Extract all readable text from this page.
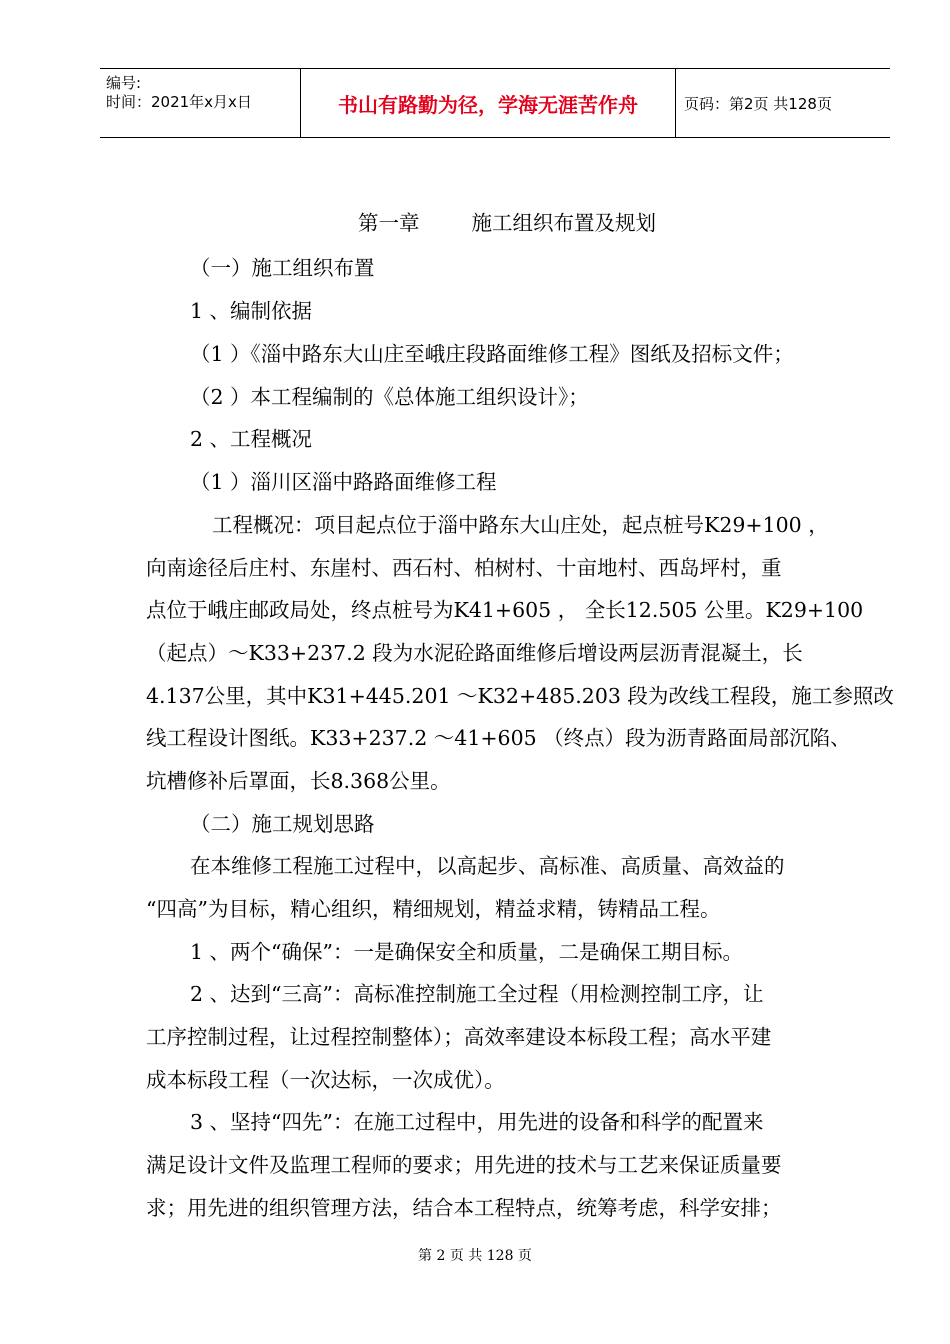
编号:
时间：2021年x月x日	书山有路勤为径，学海无涯苦作舟	页码：第2页 共128页
第一章	施工组织布置及规划
（一）施工组织布置
1 、编制依据
（1 ）《淄中路东大山庄至峨庄段路面维修工程》图纸及招标文件；
（2 ）本工程编制的《总体施工组织设计》；
2 、工程概况
（1 ）淄川区淄中路路面维修工程
工程概况：项目起点位于淄中路东大山庄处，起点桩号K29+100 ，
向南途径后庄村、东崖村、西石村、柏树村、十亩地村、西岛坪村，重
点位于峨庄邮政局处，终点桩号为K41+605 ， 全长12.505 公里。K29+100
（起点）～K33+237.2 段为水泥砼路面维修后增设两层沥青混凝土，长
4.137公里，其中K31+445.201 ～K32+485.203 段为改线工程段，施工参照改
线工程设计图纸。K33+237.2 ～41+605 （终点）段为沥青路面局部沉陷、
坑槽修补后罩面，长8.368公里。
（二）施工规划思路
在本维修工程施工过程中，以高起步、高标准、高质量、高效益的
“四高”为目标，精心组织，精细规划，精益求精，铸精品工程。
1 、两个“确保”：一是确保安全和质量，二是确保工期目标。
2 、达到“三高”：高标准控制施工全过程（用检测控制工序，让
工序控制过程，让过程控制整体）；高效率建设本标段工程；高水平建
成本标段工程（一次达标，一次成优）。
3 、坚持“四先”：在施工过程中，用先进的设备和科学的配置来
满足设计文件及监理工程师的要求；用先进的技术与工艺来保证质量要
求；用先进的组织管理方法，结合本工程特点，统筹考虑，科学安排；
第 2 页 共 128 页
